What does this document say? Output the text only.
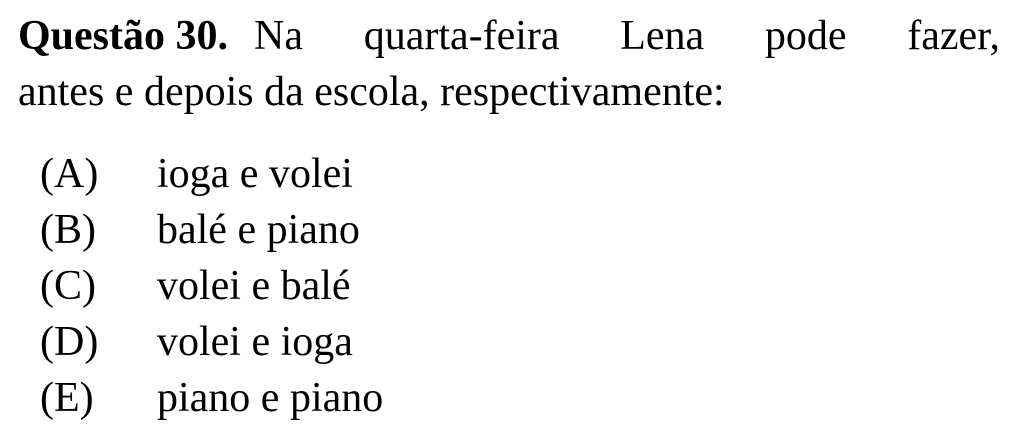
Questão 30. Na quarta-feira Lena pode fazer,
antes e depois da escola, respectivamente:
(A)	ioga e volei
(B)	balé e piano
(C)	volei e balé
(D)	volei e ioga
(E)	piano e piano
